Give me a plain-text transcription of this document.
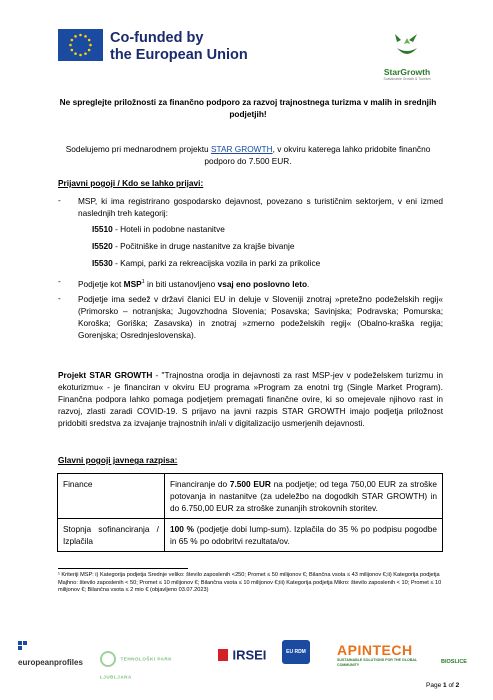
Co-funded by
the European Union
StarGrowth
Sustainable Growth & Tourism
Ne spreglejte priložnosti za finančno podporo za razvoj trajnostnega turizma v malih in srednjih podjetjih!
Sodelujemo pri mednarodnem projektu STAR GROWTH, v okviru katerega lahko pridobite finančno podporo do 7.500 EUR.
Prijavni pogoji / Kdo se lahko prijavi:
-	MSP, ki ima registrirano gospodarsko dejavnost, povezano s turističnim sektorjem, v eni izmed naslednjih treh kategorij:
I5510 - Hoteli in podobne nastanitve
I5520 - Počitniške in druge nastanitve za krajše bivanje
I5530 - Kampi, parki za rekreacijska vozila in parki za prikolice
-	Podjetje kot MSP$^1$ in biti ustanovljeno vsaj eno poslovno leto.
-	Podjetje ima sedež v državi članici EU in deluje v Sloveniji znotraj »pretežno podeželskih regij« (Primorsko – notranjska; Jugovzhodna Slovenia; Posavska; Savinjska; Podravska; Pomurska; Koroška; Goriška; Zasavska) in znotraj »zmerno podeželskih regij« (Obalno-kraška regija; Gorenjska; Osrednjeslovenska).
Projekt STAR GROWTH - "Trajnostna orodja in dejavnosti za rast MSP-jev v podeželskem turizmu in ekoturizmu« - je financiran v okviru EU programa »Program za enotni trg (Single Market Program). Finančna podpora lahko pomaga podjetjem premagati finančne ovire, ki so omejevale njihovo rast in razvoj, zlasti zaradi COVID-19. S prijavo na javni razpis STAR GROWTH imajo podjetja priložnost pridobiti sredstva za izvajanje trajnostnih in/ali v digitalizacijo usmerjenih dejavnosti.
Glavni pogoji javnega razpisa:
Finance	Financiranje do 7.500 EUR na podjetje; od tega 750,00 EUR za stroške potovanja in nastanitve (za udeležbo na dogodkih STAR GROWTH) in do 6.750,00 EUR za stroške zunanjih strokovnih storitev.
Stopnja sofinanciranja / Izplačila	100 % (podjetje dobi lump-sum). Izplačila do 35 % po podpisu pogodbe in 65 % po odobritvi rezultata/ov.
¹ Kriteriji MSP: i) Kategorija podjetja Srednje veliko: število zaposlenih <250; Promet ≤ 50 milijonov €; Bilančna vsota ≤ 43 milijonov €;ii) Kategorija podjetja Majhno: število zaposlenih < 50; Promet ≤ 10 milijonov €; Bilančna vsota ≤ 10 milijonov €;iii) Kategorija podjetja Mikro: število zaposlenih < 10; Promet ≤ 10 milijonov €; Bilančna vsota ≤ 2 mio € (objavljeno 03.07.2023)
europeanprofiles	TEHNOLOŠKI PARK LJUBLJANA
IRSEI	EU RDM APINTECH
SUSTAINABLE SOLUTIONS FOR THE GLOBAL COMMUNITY	BIOSLICE
Page 1 of 2
